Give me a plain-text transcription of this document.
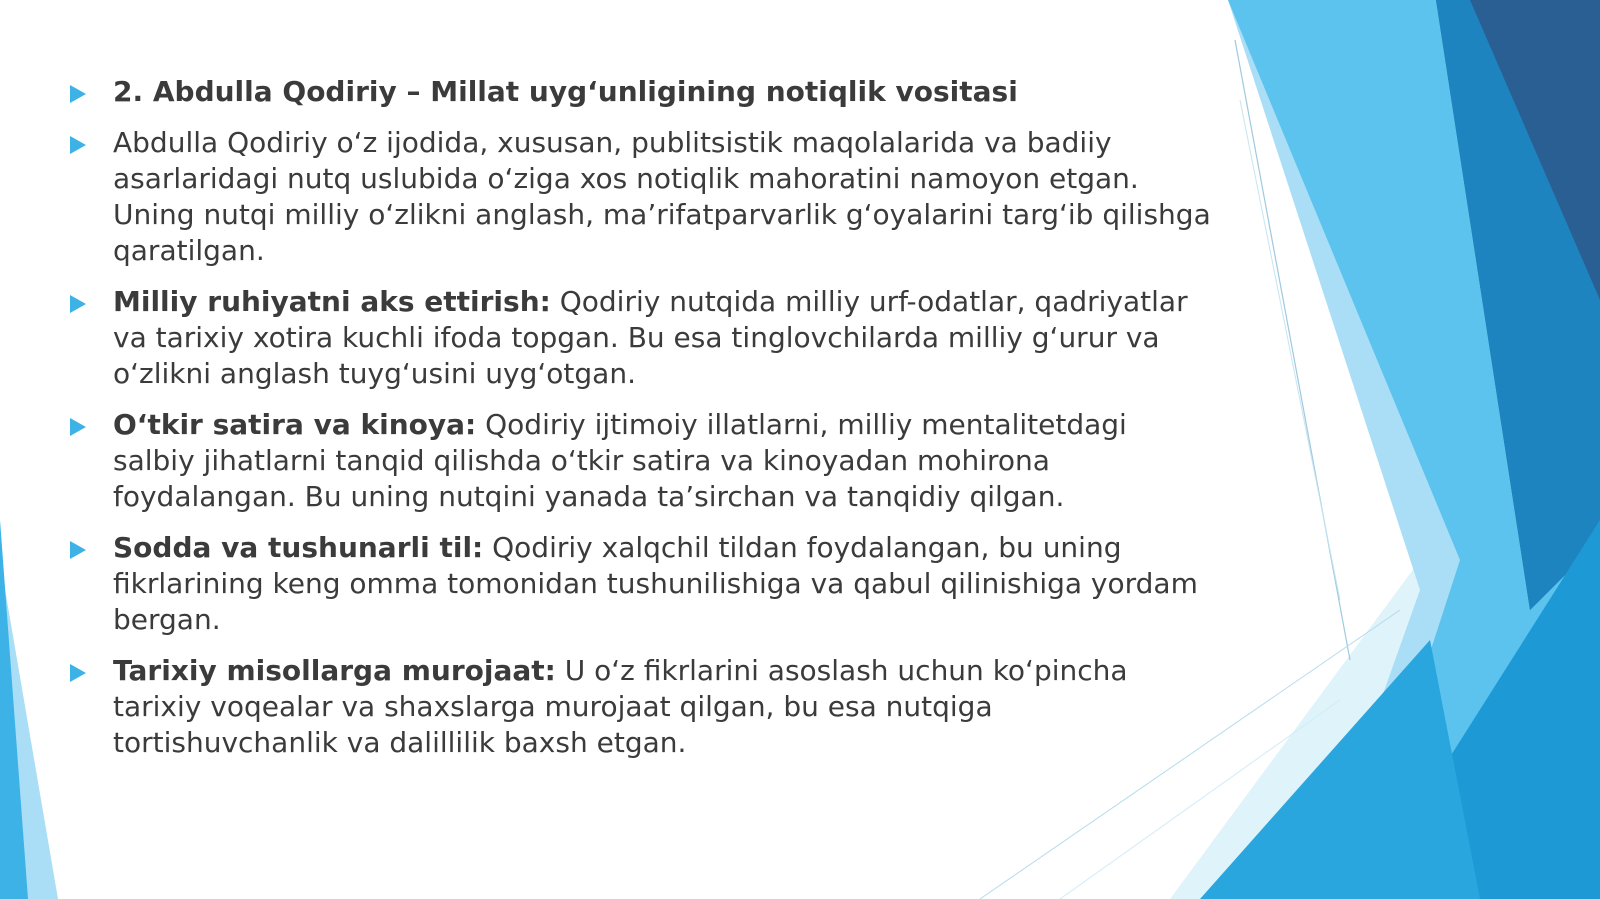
2. Abdulla Qodiriy – Millat uyg‘unligining notiqlik vositasi
Abdulla Qodiriy o‘z ijodida, xususan, publitsistik maqolalarida va badiiy asarlaridagi nutq uslubida o‘ziga xos notiqlik mahoratini namoyon etgan. Uning nutqi milliy o‘zlikni anglash, ma’rifatparvarlik g‘oyalarini targ‘ib qilishga qaratilgan.
Milliy ruhiyatni aks ettirish: Qodiriy nutqida milliy urf-odatlar, qadriyatlar va tarixiy xotira kuchli ifoda topgan. Bu esa tinglovchilarda milliy g‘urur va o‘zlikni anglash tuyg‘usini uyg‘otgan.
O‘tkir satira va kinoya: Qodiriy ijtimoiy illatlarni, milliy mentalitetdagi salbiy jihatlarni tanqid qilishda o‘tkir satira va kinoyadan mohirona foydalangan. Bu uning nutqini yanada ta’sirchan va tanqidiy qilgan.
Sodda va tushunarli til: Qodiriy xalqchil tildan foydalangan, bu uning fikrlarining keng omma tomonidan tushunilishiga va qabul qilinishiga yordam bergan.
Tarixiy misollarga murojaat: U o‘z fikrlarini asoslash uchun ko‘pincha tarixiy voqealar va shaxslarga murojaat qilgan, bu esa nutqiga tortishuvchanlik va dalillilik baxsh etgan.
